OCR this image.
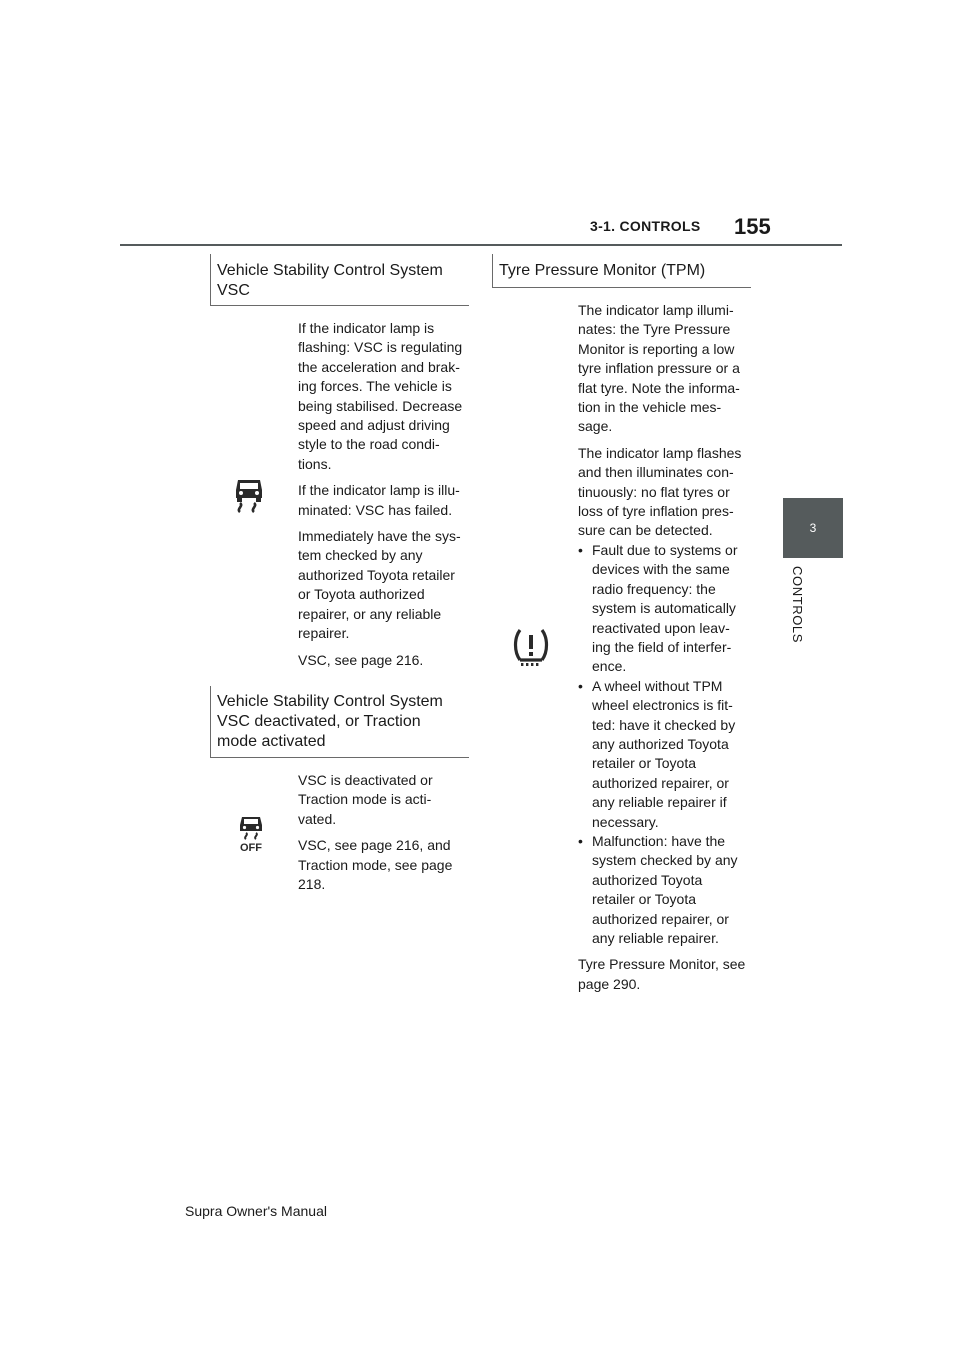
3-1. CONTROLS 155
3
CONTROLS
Vehicle Stability Control System
VSC

If the indicator lamp is flashing: VSC is regulating the acceleration and brak-ing forces. The vehicle is being stabilised. Decrease speed and adjust driving style to the road condi-tions.

If the indicator lamp is illu-minated: VSC has failed.

Immediately have the sys-tem checked by any authorized Toyota retailer or Toyota authorized repairer, or any reliable repairer.

VSC, see page 216.

Vehicle Stability Control System
VSC deactivated, or Traction
mode activated
OFF

VSC is deactivated or Traction mode is acti-vated.

VSC, see page 216, and Traction mode, see page 218.

Tyre Pressure Monitor (TPM)

The indicator lamp illumi-nates: the Tyre Pressure Monitor is reporting a low tyre inflation pressure or a flat tyre. Note the informa-tion in the vehicle mes-sage.

The indicator lamp flashes and then illuminates con-tinuously: no flat tyres or loss of tyre inflation pres-sure can be detected.

• Fault due to systems or devices with the same radio frequency: the system is automatically reactivated upon leav-ing the field of interfer-ence.
• A wheel without TPM wheel electronics is fit-ted: have it checked by any authorized Toyota retailer or Toyota authorized repairer, or any reliable repairer if necessary.
• Malfunction: have the system checked by any authorized Toyota retailer or Toyota authorized repairer, or any reliable repairer.

Tyre Pressure Monitor, see page 290.

Supra Owner's Manual
